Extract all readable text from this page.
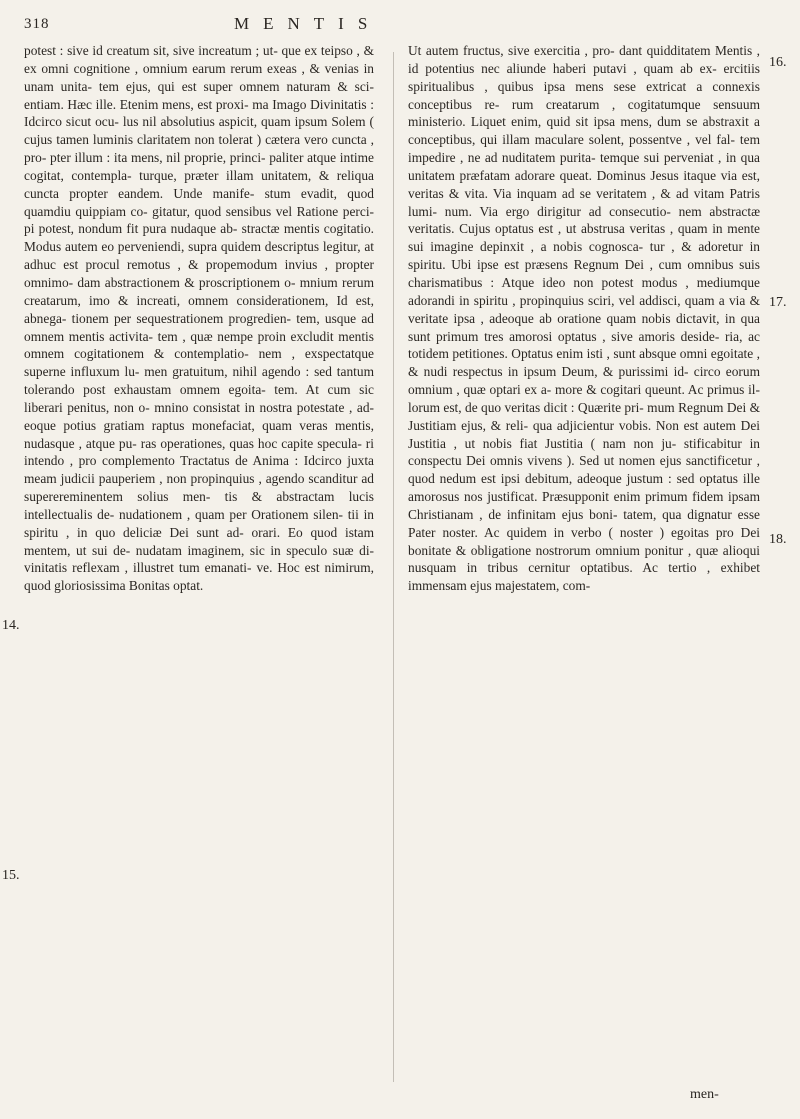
318	MENTIS

potest : sive id creatum sit, sive increatum ; ut- que ex teipso , & ex omni cognitione , omnium earum rerum exeas , & venias in unam unita- tem ejus, qui est super omnem naturam & sci- entiam. Hæc ille. Etenim mens, est proxi- ma Imago Divinitatis : Idcirco sicut ocu- lus nil absolutius aspicit, quam ipsum Solem ( cujus tamen luminis claritatem non tolerat ) cætera vero cuncta , pro- pter illum : ita mens, nil proprie, princi- paliter atque intime cogitat, contempla- turque, præter illam unitatem, & reliqua cuncta propter eandem. Unde manife- stum evadit, quod quamdiu quippiam co- gitatur, quod sensibus vel Ratione perci- pi potest, nondum fit pura nudaque ab- stractæ mentis cogitatio. Modus autem eo perveniendi, supra quidem descriptus legitur, at adhuc est procul remotus , & propemodum invius , propter omnimo- dam abstractionem & proscriptionem o- mnium rerum creatarum, imo & increati, omnem considerationem, Id est, abnega- tionem per sequestrationem progredien- tem, usque ad omnem mentis activita- tem , quæ nempe proin excludit mentis omnem cogitationem & contemplatio- nem , exspectatque superne influxum lu- men gratuitum, nihil agendo : sed tantum tolerando post exhaustam omnem egoita- tem. At cum sic liberari penitus, non o- mnino consistat in nostra potestate , ad- eoque potius gratiam raptus monefaciat, quam veras mentis, nudasque , atque pu- ras operationes, quas hoc capite specula- ri intendo , pro complemento Tractatus de Anima : Idcirco juxta meam judicii pauperiem , non propinquius , agendo scanditur ad superereminentem solius men- tis & abstractam lucis intellectualis de- nudationem , quam per Orationem silen- tii in spiritu , in quo deliciæ Dei sunt ad- orari. Eo quod istam mentem, ut sui de- nudatam imaginem, sic in speculo suæ di- vinitatis reflexam , illustret tum emanati- ve. Hoc est nimirum, quod gloriosissima Bonitas optat.

Ut autem fructus, sive exercitia , pro- dant quidditatem Mentis , id potentius nec aliunde haberi putavi , quam ab ex- ercitiis spiritualibus , quibus ipsa mens sese extricat a connexis conceptibus re- rum creatarum , cogitatumque sensuum ministerio. Liquet enim, quid sit ipsa mens, dum se abstraxit a conceptibus, qui illam maculare solent, possentve , vel fal- tem impedire , ne ad nuditatem purita- temque sui perveniat , in qua unitatem præfatam adorare queat. Dominus Jesus itaque via est, veritas & vita. Via inquam ad se veritatem , & ad vitam Patris lumi- num. Via ergo dirigitur ad consecutio- nem abstractæ veritatis. Cujus optatus est , ut abstrusa veritas , quam in mente sui imagine depinxit , a nobis cognosca- tur , & adoretur in spiritu. Ubi ipse est præsens Regnum Dei , cum omnibus suis charismatibus : Atque ideo non potest modus , mediumque adorandi in spiritu , propinquius sciri, vel addisci, quam a via & veritate ipsa , adeoque ab oratione quam nobis dictavit, in qua sunt primum tres amorosi optatus , sive amoris deside- ria, ac totidem petitiones. Optatus enim isti , sunt absque omni egoitate , & nudi respectus in ipsum Deum, & purissimi id- circo eorum omnium , quæ optari ex a- more & cogitari queunt. Ac primus il- lorum est, de quo veritas dicit : Quærite pri- mum Regnum Dei & Justitiam ejus, & reli- qua adjicientur vobis. Non est autem Dei Justitia , ut nobis fiat Justitia ( nam non ju- stificabitur in conspectu Dei omnis vivens ). Sed ut nomen ejus sanctificetur , quod nedum est ipsi debitum, adeoque justum : sed optatus ille amorosus nos justificat. Præsupponit enim primum fidem ipsam Christianam , de infinitam ejus boni- tatem, qua dignatur esse Pater noster. Ac quidem in verbo ( noster ) egoitas pro Dei bonitate & obligatione nostrorum omnium ponitur , quæ alioqui nusquam in tribus cernitur optatibus. Ac tertio , exhibet immensam ejus majestatem, com-

14.
15.
16.
17.
18.
men-
